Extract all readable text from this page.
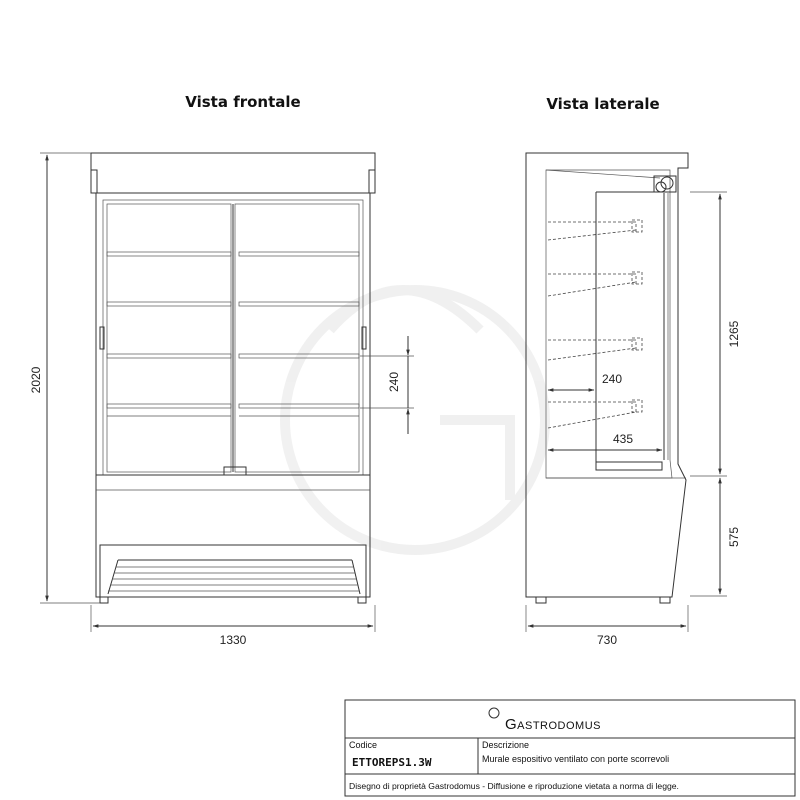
Vista frontale	Vista laterale
2020
1330
240
730
1265
575
240
435
Gastrodomus
Codice
ETTOREPS1.3W
Descrizione
Murale espositivo ventilato con porte scorrevoli
Disegno di proprietà Gastrodomus - Diffusione e riproduzione vietata a norma di legge.
